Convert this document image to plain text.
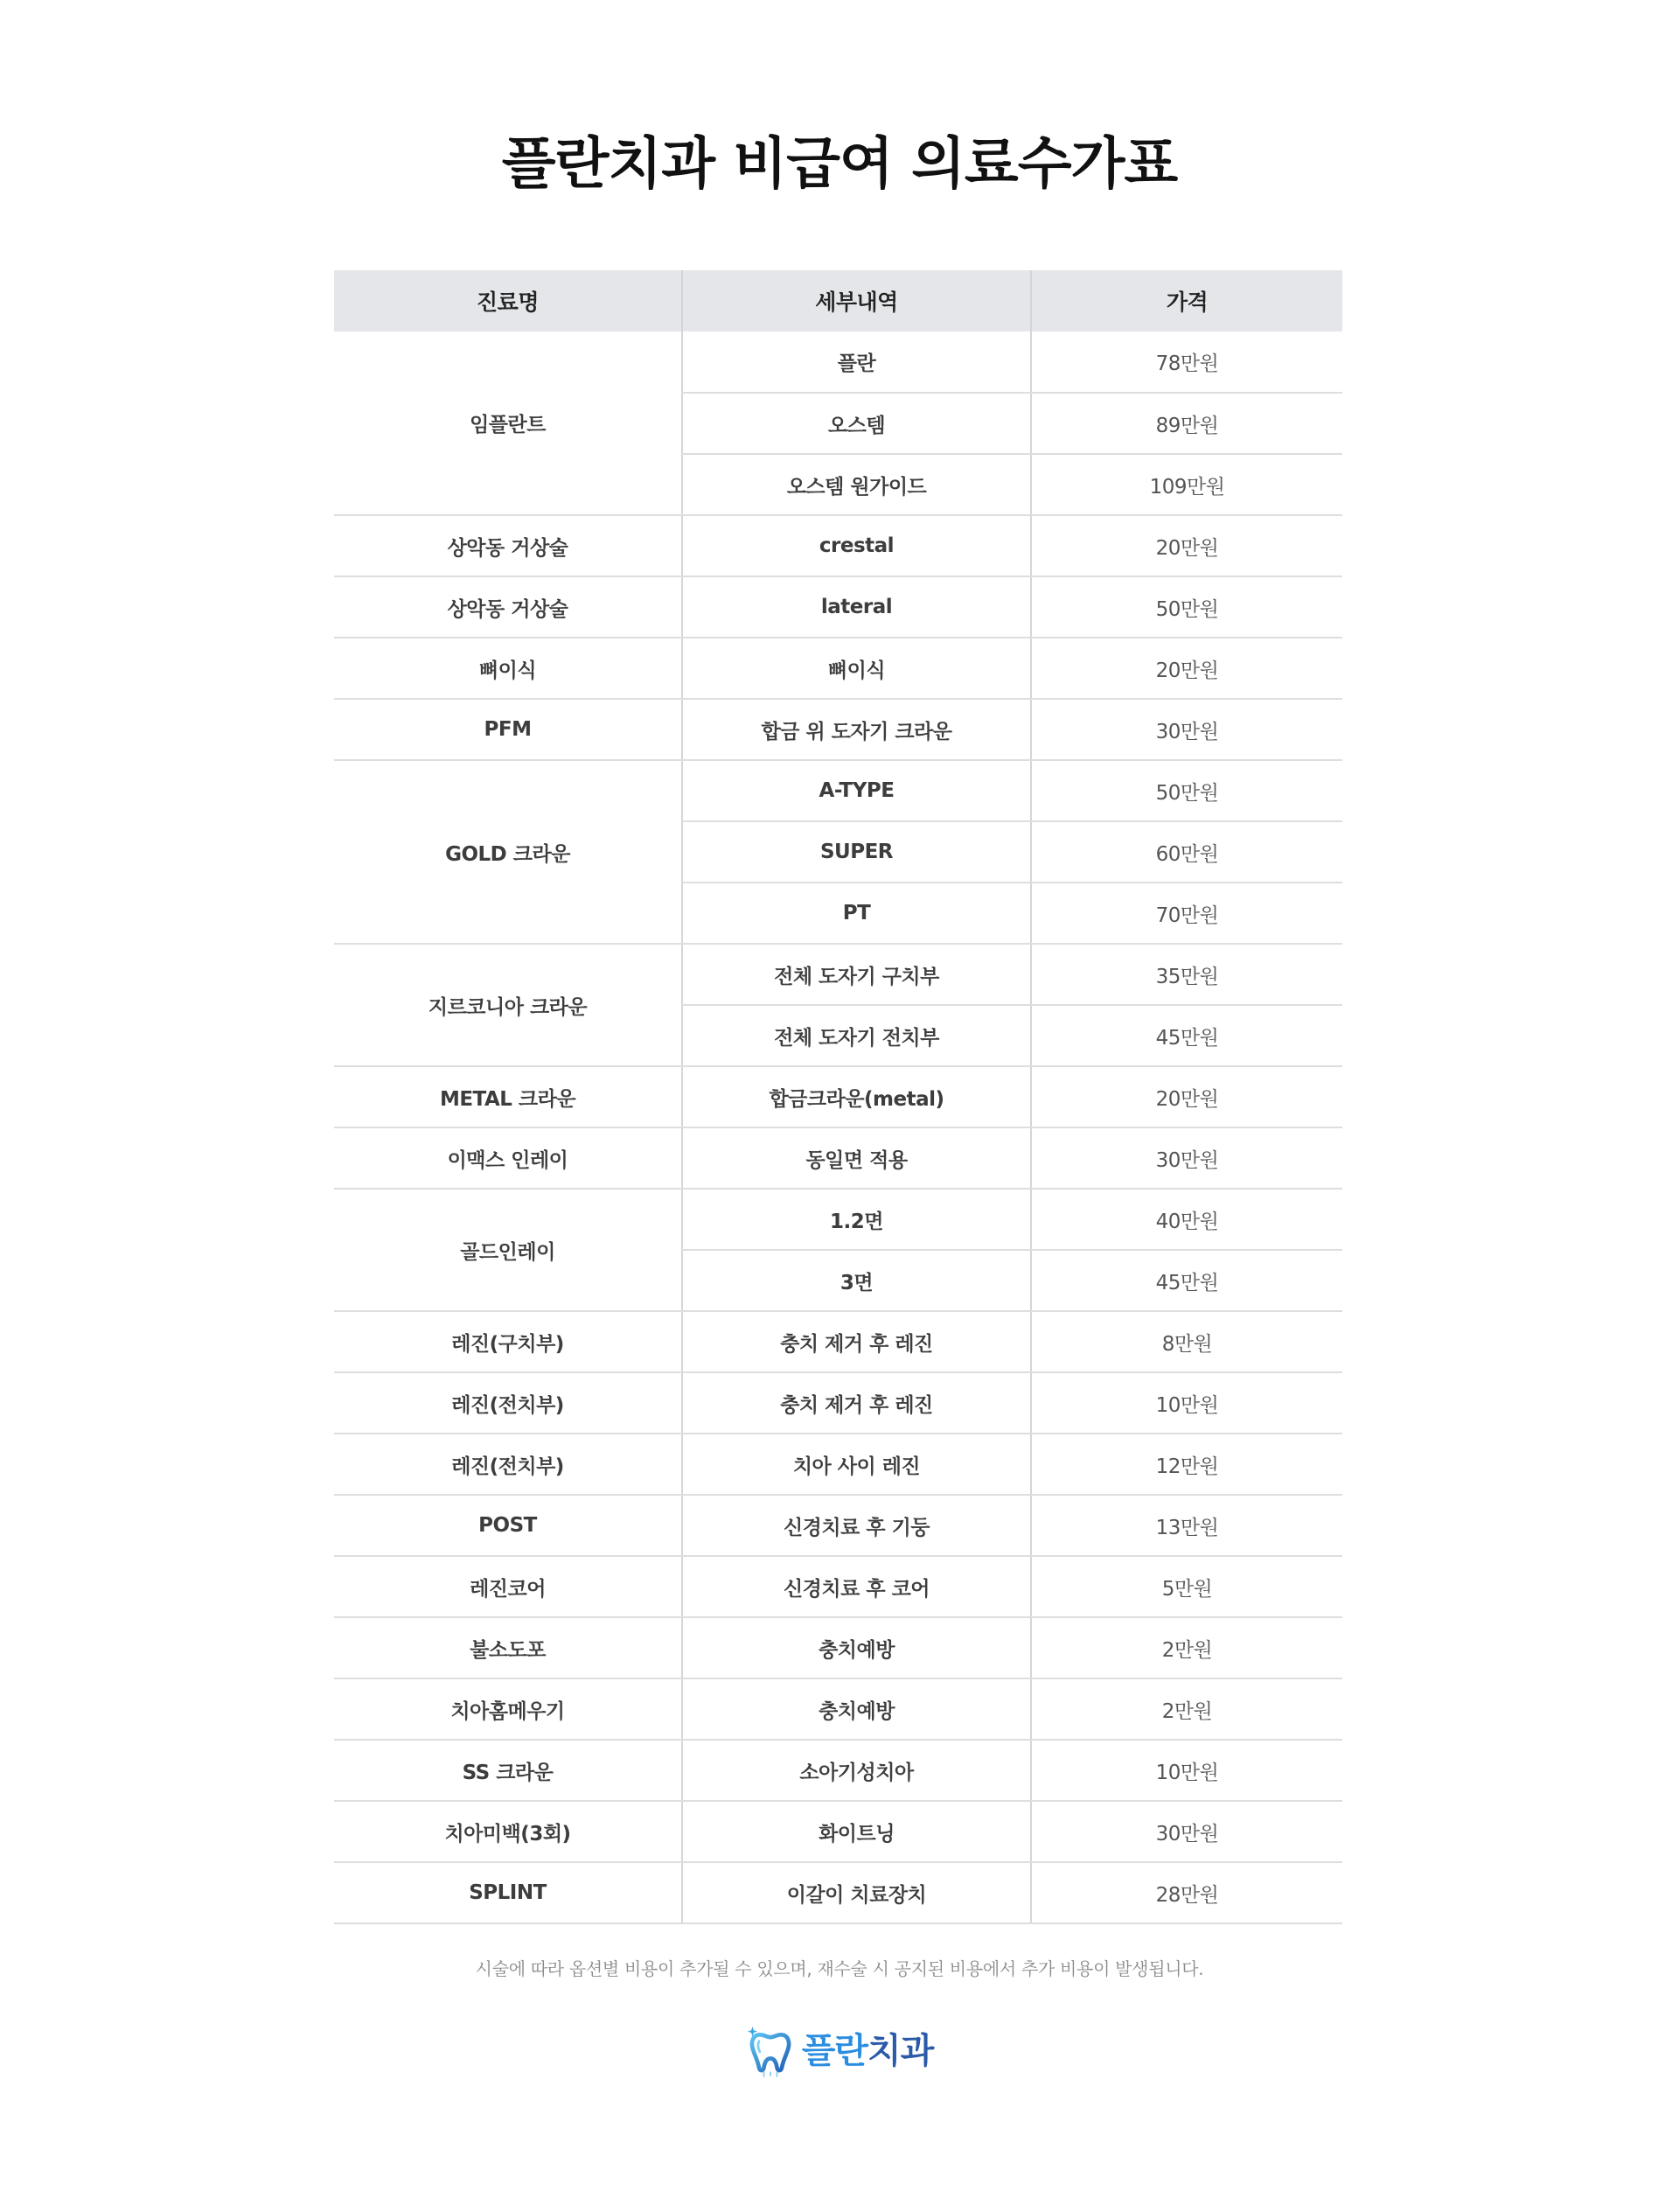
플란치과 비급여 의료수가표
진료명	세부내역	가격
임플란트	플란	78만원
	오스템	89만원
	오스템 원가이드	109만원
상악동 거상술	crestal	20만원
상악동 거상술	lateral	50만원
뼈이식	뼈이식	20만원
PFM	합금 위 도자기 크라운	30만원
GOLD 크라운	A-TYPE	50만원
	SUPER	60만원
	PT	70만원
지르코니아 크라운	전체 도자기 구치부	35만원
	전체 도자기 전치부	45만원
METAL 크라운	합금크라운(metal)	20만원
이맥스 인레이	동일면 적용	30만원
골드인레이	1.2면	40만원
	3면	45만원
레진(구치부)	충치 제거 후 레진	8만원
레진(전치부)	충치 제거 후 레진	10만원
레진(전치부)	치아 사이 레진	12만원
POST	신경치료 후 기둥	13만원
레진코어	신경치료 후 코어	5만원
불소도포	충치예방	2만원
치아홈메우기	충치예방	2만원
SS 크라운	소아기성치아	10만원
치아미백(3회)	화이트닝	30만원
SPLINT	이갈이 치료장치	28만원
시술에 따라 옵션별 비용이 추가될 수 있으며, 재수술 시 공지된 비용에서 추가 비용이 발생됩니다.
플란치과
